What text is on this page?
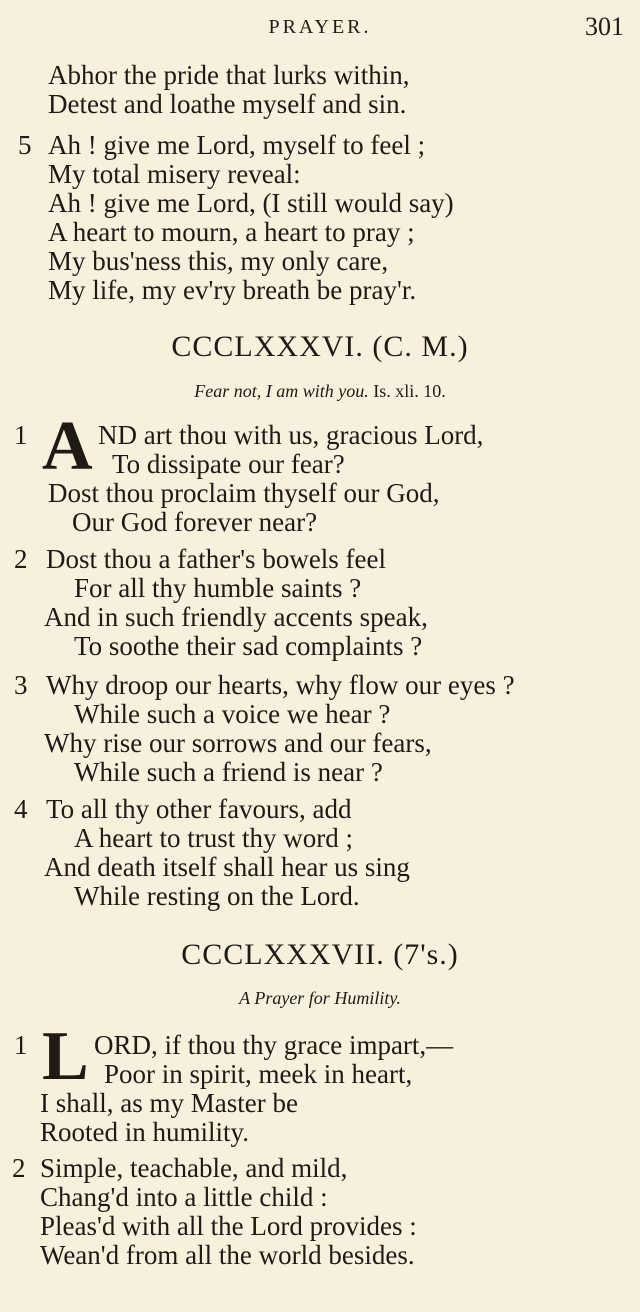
PRAYER.	301
Abhor the pride that lurks within,
Detest and loathe myself and sin.
5 Ah ! give me Lord, myself to feel ;
My total misery reveal:
Ah ! give me Lord, (I still would say)
A heart to mourn, a heart to pray ;
My bus'ness this, my only care,
My life, my ev'ry breath be pray'r.
CCCLXXXVI. (C. M.)
Fear not, I am with you. Is. xli. 10.
1 A ND art thou with us, gracious Lord,
To dissipate our fear?
Dost thou proclaim thyself our God,
Our God forever near?
2 Dost thou a father's bowels feel
For all thy humble saints ?
And in such friendly accents speak,
To soothe their sad complaints ?
3 Why droop our hearts, why flow our eyes ?
While such a voice we hear ?
Why rise our sorrows and our fears,
While such a friend is near ?
4 To all thy other favours, add
A heart to trust thy word ;
And death itself shall hear us sing
While resting on the Lord.
CCCLXXXVII. (7's.)
A Prayer for Humility.
1 L ORD, if thou thy grace impart,—
Poor in spirit, meek in heart,
I shall, as my Master be
Rooted in humility.
2 Simple, teachable, and mild,
Chang'd into a little child :
Pleas'd with all the Lord provides :
Wean'd from all the world besides.
